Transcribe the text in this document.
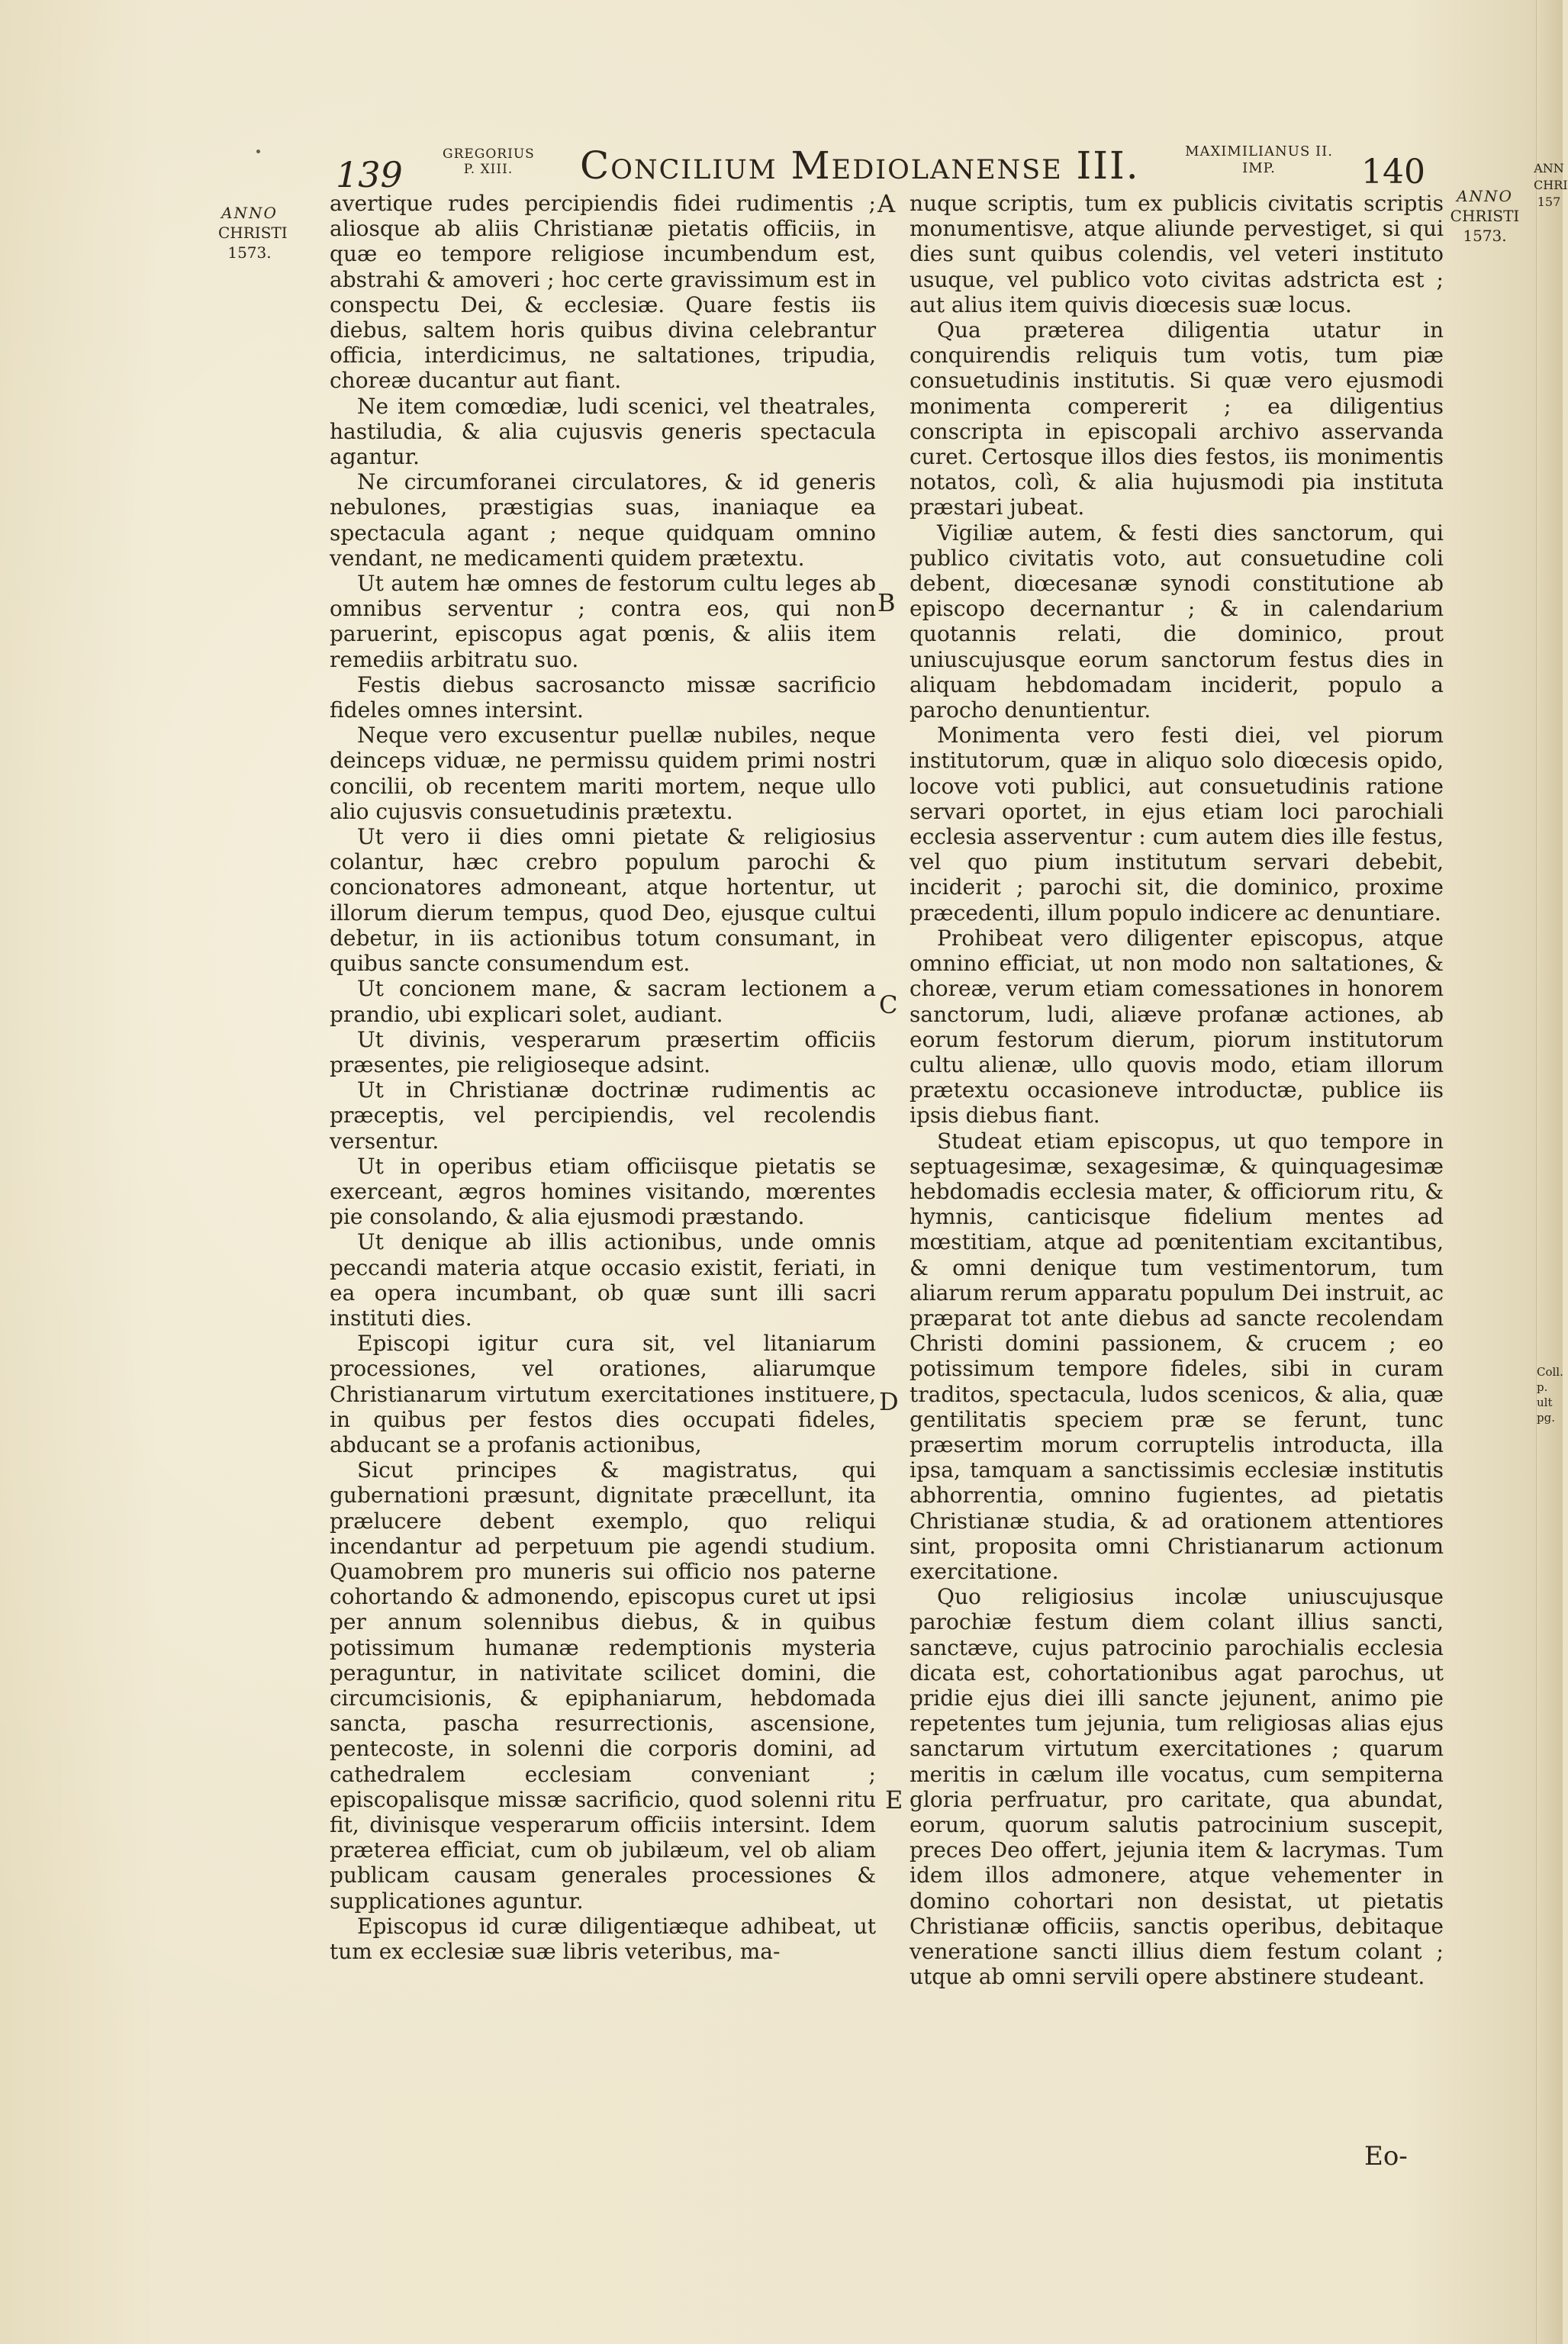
139	GREGORIUS
P. XIII.	Concilium Mediolanense III.	MAXIMILIANUS II.
IMP.	140
ANNO
CHRISTI
1573.
ANNO
CHRISTI
1573.
ANN
CHRI
157
Coll.
p. ult
pg.
A
B
C
D
E

avertique rudes percipiendis fidei rudimentis ; aliosque ab aliis Christianæ pietatis officiis, in quæ eo tempore religiose incumbendum est, abstrahi & amoveri ; hoc certe gravissimum est in conspectu Dei, & ecclesiæ. Quare festis iis diebus, saltem horis quibus divina celebrantur officia, interdicimus, ne saltationes, tripudia, choreæ ducantur aut fiant.

Ne item comœdiæ, ludi scenici, vel theatrales, hastiludia, & alia cujusvis generis spectacula agantur.

Ne circumforanei circulatores, & id generis nebulones, præstigias suas, inaniaque ea spectacula agant ; neque quidquam omnino vendant, ne medicamenti quidem prætextu.

Ut autem hæ omnes de festorum cultu leges ab omnibus serventur ; contra eos, qui non paruerint, episcopus agat pœnis, & aliis item remediis arbitratu suo.

Festis diebus sacrosancto missæ sacrificio fideles omnes intersint.

Neque vero excusentur puellæ nubiles, neque deinceps viduæ, ne permissu quidem primi nostri concilii, ob recentem mariti mortem, neque ullo alio cujusvis consuetudinis prætextu.

Ut vero ii dies omni pietate & religiosius colantur, hæc crebro populum parochi & concionatores admoneant, atque hortentur, ut illorum dierum tempus, quod Deo, ejusque cultui debetur, in iis actionibus totum consumant, in quibus sancte consumendum est.

Ut concionem mane, & sacram lectionem a prandio, ubi explicari solet, audiant.

Ut divinis, vesperarum præsertim officiis præsentes, pie religioseque adsint.

Ut in Christianæ doctrinæ rudimentis ac præceptis, vel percipiendis, vel recolendis versentur.

Ut in operibus etiam officiisque pietatis se exerceant, ægros homines visitando, mœrentes pie consolando, & alia ejusmodi præstando.

Ut denique ab illis actionibus, unde omnis peccandi materia atque occasio existit, feriati, in ea opera incumbant, ob quæ sunt illi sacri instituti dies.

Episcopi igitur cura sit, vel litaniarum processiones, vel orationes, aliarumque Christianarum virtutum exercitationes instituere, in quibus per festos dies occupati fideles, abducant se a profanis actionibus,

Sicut principes & magistratus, qui gubernationi præsunt, dignitate præcellunt, ita prælucere debent exemplo, quo reliqui incendantur ad perpetuum pie agendi studium. Quamobrem pro muneris sui officio nos paterne cohortando & admonendo, episcopus curet ut ipsi per annum solennibus diebus, & in quibus potissimum humanæ redemptionis mysteria peraguntur, in nativitate scilicet domini, die circumcisionis, & epiphaniarum, hebdomada sancta, pascha resurrectionis, ascensione, pentecoste, in solenni die corporis domini, ad cathedralem ecclesiam conveniant ; episcopalisque missæ sacrificio, quod solenni ritu fit, divinisque vesperarum officiis intersint. Idem præterea efficiat, cum ob jubilæum, vel ob aliam publicam causam generales processiones & supplicationes aguntur.

Episcopus id curæ diligentiæque adhibeat, ut tum ex ecclesiæ suæ libris veteribus, ma-

nuque scriptis, tum ex publicis civitatis scriptis monumentisve, atque aliunde pervestiget, si qui dies sunt quibus colendis, vel veteri instituto usuque, vel publico voto civitas adstricta est ; aut alius item quivis diœcesis suæ locus.

Qua præterea diligentia utatur in conquirendis reliquis tum votis, tum piæ consuetudinis institutis. Si quæ vero ejusmodi monimenta compererit ; ea diligentius conscripta in episcopali archivo asservanda curet. Certosque illos dies festos, iis monimentis notatos, colì, & alia hujusmodi pia instituta præstari jubeat.

Vigiliæ autem, & festi dies sanctorum, qui publico civitatis voto, aut consuetudine coli debent, diœcesanæ synodi constitutione ab episcopo decernantur ; & in calendarium quotannis relati, die dominico, prout uniuscujusque eorum sanctorum festus dies in aliquam hebdomadam inciderit, populo a parocho denuntientur.

Monimenta vero festi diei, vel piorum institutorum, quæ in aliquo solo diœcesis opido, locove voti publici, aut consuetudinis ratione servari oportet, in ejus etiam loci parochiali ecclesia asserventur : cum autem dies ille festus, vel quo pium institutum servari debebit, inciderit ; parochi sit, die dominico, proxime præcedenti, illum populo indicere ac denuntiare.

Prohibeat vero diligenter episcopus, atque omnino efficiat, ut non modo non saltationes, & choreæ, verum etiam comessationes in honorem sanctorum, ludi, aliæve profanæ actiones, ab eorum festorum dierum, piorum institutorum cultu alienæ, ullo quovis modo, etiam illorum prætextu occasioneve introductæ, publice iis ipsis diebus fiant.

Studeat etiam episcopus, ut quo tempore in septuagesimæ, sexagesimæ, & quinquagesimæ hebdomadis ecclesia mater, & officiorum ritu, & hymnis, canticisque fidelium mentes ad mœstitiam, atque ad pœnitentiam excitantibus, & omni denique tum vestimentorum, tum aliarum rerum apparatu populum Dei instruit, ac præparat tot ante diebus ad sancte recolendam Christi domini passionem, & crucem ; eo potissimum tempore fideles, sibi in curam traditos, spectacula, ludos scenicos, & alia, quæ gentilitatis speciem præ se ferunt, tunc præsertim morum corruptelis introducta, illa ipsa, tamquam a sanctissimis ecclesiæ institutis abhorrentia, omnino fugientes, ad pietatis Christianæ studia, & ad orationem attentiores sint, proposita omni Christianarum actionum exercitatione.

Quo religiosius incolæ uniuscujusque parochiæ festum diem colant illius sancti, sanctæve, cujus patrocinio parochialis ecclesia dicata est, cohortationibus agat parochus, ut pridie ejus diei illi sancte jejunent, animo pie repetentes tum jejunia, tum religiosas alias ejus sanctarum virtutum exercitationes ; quarum meritis in cælum ille vocatus, cum sempiterna gloria perfruatur, pro caritate, qua abundat, eorum, quorum salutis patrocinium suscepit, preces Deo offert, jejunia item & lacrymas. Tum idem illos admonere, atque vehementer in domino cohortari non desistat, ut pietatis Christianæ officiis, sanctis operibus, debitaque veneratione sancti illius diem festum colant ; utque ab omni servili opere abstinere studeant.

Eo-
